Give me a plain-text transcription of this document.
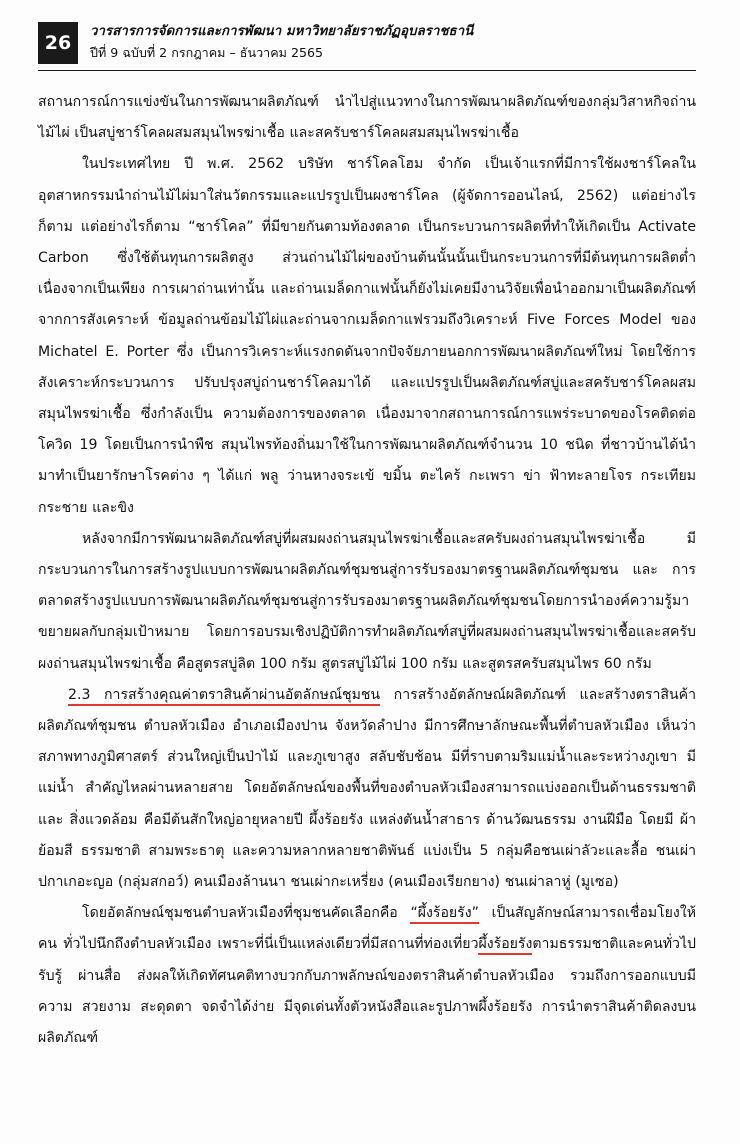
26
วารสารการจัดการและการพัฒนา มหาวิทยาลัยราชภัฏอุบลราชธานี
ปีที่ 9 ฉบับที่ 2 กรกฎาคม – ธันวาคม 2565

สถานการณ์การแข่งขันในการพัฒนาผลิตภัณฑ์ นำไปสู่แนวทางในการพัฒนาผลิตภัณฑ์ของกลุ่มวิสาหกิจถ่านไม้ไผ่ เป็นสบู่ชาร์โคลผสมสมุนไพรฆ่าเชื้อ และสครับชาร์โคลผสมสมุนไพรฆ่าเชื้อ

ในประเทศไทย ปี พ.ศ. 2562 บริษัท ชาร์โคลโฮม จำกัด เป็นเจ้าแรกที่มีการใช้ผงชาร์โคลใน อุตสาหกรรมนำถ่านไม้ไผ่มาใส่นวัตกรรมและแปรรูปเป็นผงชาร์โคล (ผู้จัดการออนไลน์, 2562) แต่อย่างไรก็ตาม แต่อย่างไรก็ตาม “ชาร์โคล” ที่มีขายกันตามท้องตลาด เป็นกระบวนการผลิตที่ทำให้เกิดเป็น Activate Carbon ซึ่งใช้ต้นทุนการผลิตสูง ส่วนถ่านไม้ไผ่ของบ้านต้นนั้นนั้นเป็นกระบวนการที่มีต้นทุนการผลิตต่ำ เนื่องจากเป็นเพียง การเผาถ่านเท่านั้น และถ่านเมล็ดกาแฟนั้นก็ยังไม่เคยมีงานวิจัยเพื่อนำออกมาเป็นผลิตภัณฑ์ จากการสังเคราะห์ ข้อมูลถ่านข้อมไม้ไผ่และถ่านจากเมล็ดกาแฟรวมถึงวิเคราะห์ Five Forces Model ของ Michatel E. Porter ซึ่ง เป็นการวิเคราะห์แรงกดดันจากปัจจัยภายนอกการพัฒนาผลิตภัณฑ์ใหม่ โดยใช้การสังเคราะห์กระบวนการ ปรับปรุงสบู่ถ่านชาร์โคลมาได้ และแปรรูปเป็นผลิตภัณฑ์สบู่และสครับชาร์โคลผสมสมุนไพรฆ่าเชื้อ ซึ่งกำลังเป็น ความต้องการของตลาด เนื่องมาจากสถานการณ์การแพร่ระบาดของโรคติดต่อโควิด 19 โดยเป็นการนำพืช สมุนไพรท้องถิ่นมาใช้ในการพัฒนาผลิตภัณฑ์จำนวน 10 ชนิด ที่ชาวบ้านได้นำมาทำเป็นยารักษาโรคต่าง ๆ ได้แก่ พลู ว่านหางจระเข้ ขมิ้น ตะไคร้ กะเพรา ข่า ฟ้าทะลายโจร กระเทียม กระชาย และขิง

หลังจากมีการพัฒนาผลิตภัณฑ์สบู่ที่ผสมผงถ่านสมุนไพรฆ่าเชื้อและสครับผงถ่านสมุนไพรฆ่าเชื้อ มีกระบวนการในการสร้างรูปแบบการพัฒนาผลิตภัณฑ์ชุมชนสู่การรับรองมาตรฐานผลิตภัณฑ์ชุมชน และ การตลาดสร้างรูปแบบการพัฒนาผลิตภัณฑ์ชุมชนสู่การรับรองมาตรฐานผลิตภัณฑ์ชุมชนโดยการนำองค์ความรู้มา ขยายผลกับกลุ่มเป้าหมาย โดยการอบรมเชิงปฏิบัติการทำผลิตภัณฑ์สบู่ที่ผสมผงถ่านสมุนไพรฆ่าเชื้อและสครับ ผงถ่านสมุนไพรฆ่าเชื้อ คือสูตรสบู่ลิต 100 กรัม สูตรสบู่ไม้ไผ่ 100 กรัม และสูตรสครับสมุนไพร 60 กรัม

2.3 การสร้างคุณค่าตราสินค้าผ่านอัตลักษณ์ชุมชน การสร้างอัตลักษณ์ผลิตภัณฑ์ และสร้างตราสินค้า ผลิตภัณฑ์ชุมชน ตำบลหัวเมือง อำเภอเมืองปาน จังหวัดลำปาง มีการศึกษาลักษณะพื้นที่ตำบลหัวเมือง เห็นว่า สภาพทางภูมิศาสตร์ ส่วนใหญ่เป็นป่าไม้ และภูเขาสูง สลับชับช้อน มีที่ราบตามริมแม่น้ำและระหว่างภูเขา มีแม่น้ำ สำคัญไหลผ่านหลายสาย โดยอัตลักษณ์ของพื้นที่ของตำบลหัวเมืองสามารถแบ่งออกเป็นด้านธรรมชาติและ สิ่งแวดล้อม คือมีต้นสักใหญ่อายุหลายปี ผึ้งร้อยรัง แหล่งตันน้ำสาธาร ด้านวัฒนธรรม งานฝีมือ โดยมี ผ้าย้อมสี ธรรมชาติ สามพระธาตุ และความหลากหลายชาติพันธ์ แบ่งเป็น 5 กลุ่มคือชนเผ่าลัวะและลื้อ ชนเผ่าปกาเกอะญอ (กลุ่มสกอว์) คนเมืองล้านนา ชนเผ่ากะเหรี่ยง (คนเมืองเรียกยาง) ชนเผ่าลาหู่ (มูเซอ)

โดยอัตลักษณ์ชุมชนตำบลหัวเมืองที่ชุมชนคัดเลือกคือ “ผึ้งร้อยรัง” เป็นสัญลักษณ์สามารถเชื่อมโยงให้คน ทั่วไปนึกถึงตำบลหัวเมือง เพราะที่นี่เป็นแหล่งเดียวที่มีสถานที่ท่องเที่ยวผึ้งร้อยรังตามธรรมชาติและคนทั่วไปรับรู้ ผ่านสื่อ ส่งผลให้เกิดทัศนคติทางบวกกับภาพลักษณ์ของตราสินค้าตำบลหัวเมือง รวมถึงการออกแบบมีความ สวยงาม สะดุดตา จดจำได้ง่าย มีจุดเด่นทั้งตัวหนังสือและรูปภาพผึ้งร้อยรัง การนำตราสินค้าติดลงบนผลิตภัณฑ์
